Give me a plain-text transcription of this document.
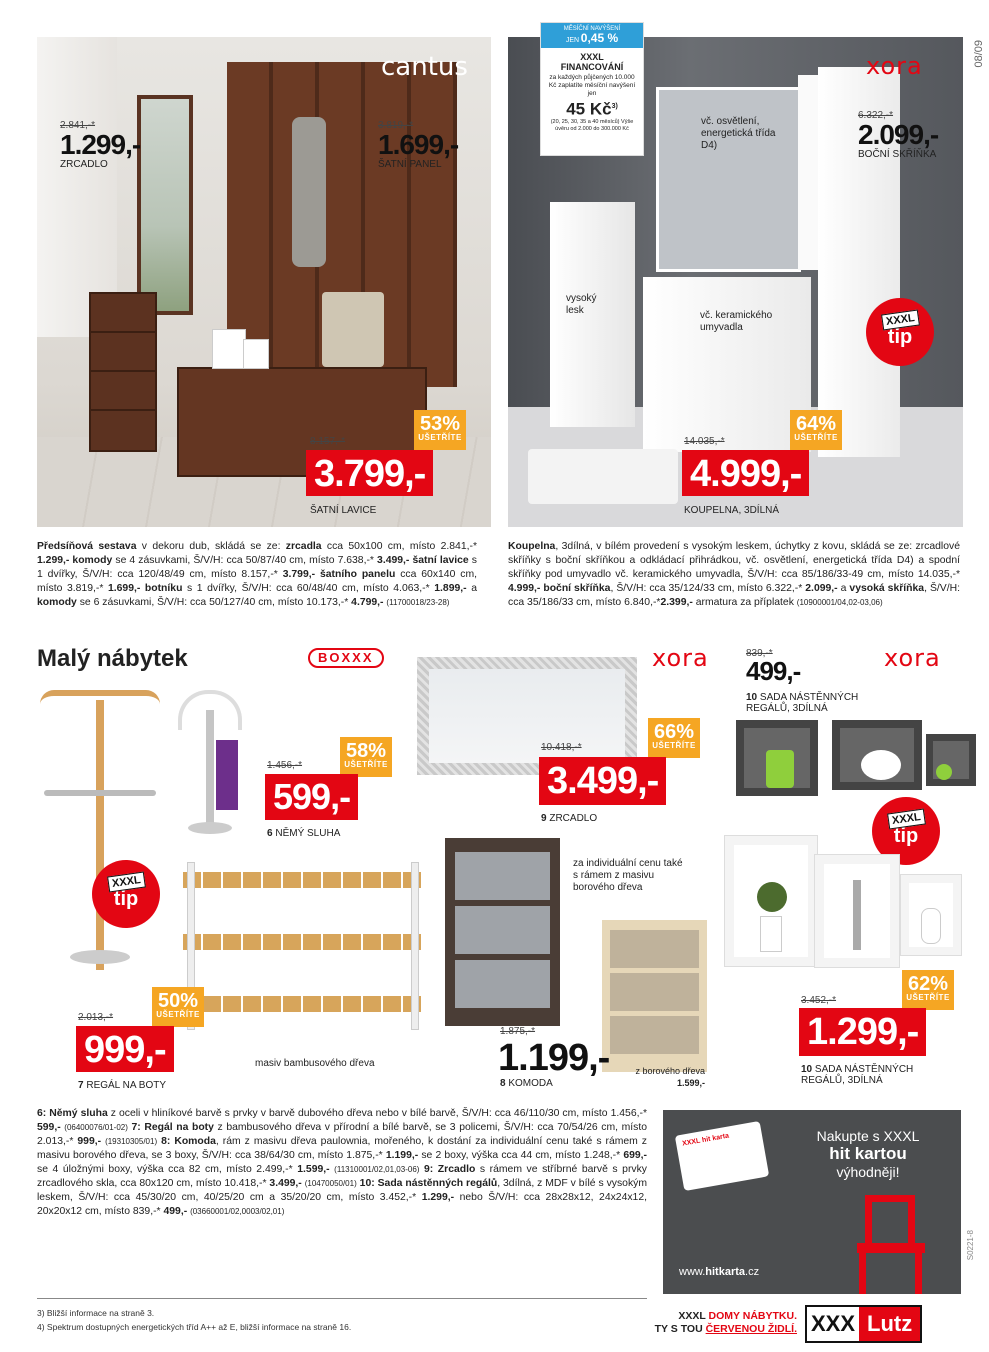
08/09
cantus
2.841,-*
1.299,-
ZRCADLO
3.819,-*
1.699,-
ŠATNÍ PANEL
53%
UŠETŘÍTE
8.157,-*
3.799,-
ŠATNÍ LAVICE
xora
MĚSÍČNÍ NAVÝŠENÍ
JEN 0,45 %
XXXL
FINANCOVÁNÍ
za každých půjčených 10.000 Kč zaplatíte měsíční navýšení jen
45 $Kč^{3)}$
(20, 25, 30, 35 a 40 měsíců) Výše úvěru od 2.000 do 300.000 Kč
vč. osvětlení, energetická třída D4)
vysoký lesk	vč. keramického umyvadla
6.322,-*
2.099,-
BOČNÍ SKŘÍŇKA
XXXL
tip
64%
UŠETŘÍTE
14.035,-*
4.999,-
KOUPELNA, 3DÍLNÁ
Předsíňová sestava v dekoru dub, skládá se ze: zrcadla cca 50x100 cm, místo 2.841,-* 1.299,- komody se 4 zásuvkami, Š/V/H: cca 50/87/40 cm, místo 7.638,-* 3.499,- šatní lavice s 1 dvířky, Š/V/H: cca 120/48/49 cm, místo 8.157,-* 3.799,- šatního panelu cca 60x140 cm, místo 3.819,-* 1.699,- botníku s 1 dvířky, Š/V/H: cca 60/48/40 cm, místo 4.063,-* 1.899,- a komody se 6 zásuvkami, Š/V/H: cca 50/127/40 cm, místo 10.173,-* 4.799,- (11700018/23-28)
Koupelna, 3dílná, v bílém provedení s vysokým leskem, úchytky z kovu, skládá se ze: zrcadlové skříňky s boční skříňkou a odkládací přihrádkou, vč. osvětlení, energetická třída D4) a spodní skříňky pod umyvadlo vč. keramického umyvadla, Š/V/H: cca 85/186/33-49 cm, místo 14.035,-* 4.999,- boční skříňka, Š/V/H: cca 35/124/33 cm, místo 6.322,-* 2.099,- a vysoká skříňka, Š/V/H: cca 35/186/33 cm, místo 6.840,-*2.399,- armatura za příplatek (10900001/04,02-03,06)
Malý nábytek	BOXXX
XXXL
tip
58%
UŠETŘÍTE
1.456,-*
599,-
6 NĚMÝ SLUHA
xora
66%
UŠETŘÍTE
10.418,-*
3.499,-
9 ZRCADLO
839,-*
499,-	xora
10 SADA NÁSTĚNNÝCH REGÁLŮ, 3DÍLNÁ
XXXL
tip
masiv bambusového dřeva
50%
UŠETŘÍTE
2.013,-*
999,-
7 REGÁL NA BOTY
za individuální cenu také s rámem z masivu borového dřeva
1.875,-*
1.199,-
8 KOMODA
z borového dřeva 1.599,-
62%
UŠETŘÍTE
3.452,-*
1.299,-
10 SADA NÁSTĚNNÝCH REGÁLŮ, 3DÍLNÁ
6: Němý sluha z oceli v hliníkové barvě s prvky v barvě dubového dřeva nebo v bílé barvě, Š/V/H: cca 46/110/30 cm, místo 1.456,-* 599,- (06400076/01-02) 7: Regál na boty z bambusového dřeva v přírodní a bílé barvě, se 3 policemi, Š/V/H: cca 70/54/26 cm, místo 2.013,-* 999,- (19310305/01) 8: Komoda, rám z masivu dřeva paulownia, mořeného, k dostání za individuální cenu také s rámem z masivu borového dřeva, se 3 boxy, Š/V/H: cca 38/64/30 cm, místo 1.875,-* 1.199,- se 2 boxy, výška cca 44 cm, místo 1.248,-* 699,- se 4 úložnými boxy, výška cca 82 cm, místo 2.499,-* 1.599,- (11310001/02,01,03-06) 9: Zrcadlo s rámem ve stříbrné barvě s prvky zrcadlového skla, cca 80x120 cm, místo 10.418,-* 3.499,- (10470050/01) 10: Sada nástěnných regálů, 3dílná, z MDF v bílé s vysokým leskem, Š/V/H: cca 45/30/20 cm, 40/25/20 cm a 35/20/20 cm, místo 3.452,-* 1.299,- nebo Š/V/H: cca 28x28x12, 24x24x12, 20x20x12 cm, místo 839,-* 499,- (03660001/02,0003/02,01)
XXXL hit karta	Nakupte s XXXL
hit kartou
výhodněji!
www.hitkarta.cz
S0221-8
3) Bližší informace na straně 3.
4) Spektrum dostupných energetických tříd A++ až E, bližší informace na straně 16.
XXXL DOMY NÁBYTKU.
TY S TOU ČERVENOU ŽIDLÍ. XXX Lutz
